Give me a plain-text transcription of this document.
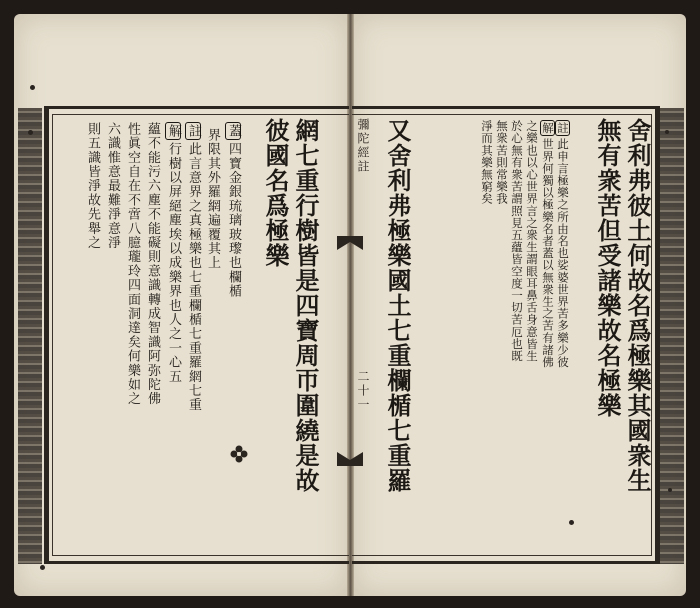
彌陀經註
二十一	舍利弗彼土何故名爲極樂其國衆生
無有衆苦但受諸樂故名極樂
註此申言極樂之所由名也娑婆世界苦多樂少彼
解世界何獨以極樂名者蓋以無衆生之苦有諸佛
之樂也以心世界言之衆生謂眼耳鼻舌身意皆生
於心無有衆苦謂照見五蘊皆空度一切苦厄也既
無衆苦則常樂我
淨而其樂無窮矣
又舍利弗極樂國土七重欄楯七重羅
網七重行樹皆是四寶周帀圍繞是故
彼國名爲極樂
蓋四寶金銀琉璃玻瓈也欄楯
界限其外羅網遍覆其上
註此言意界之真極樂也七重欄楯七重羅網七重
解行樹以屏絕塵埃以成樂界也人之一心五
蘊不能污六塵不能礙則意識轉成智識阿弥陀佛
性眞空自在不啻八臆瓏玲四面洞達矣何樂如之
六識惟意最難淨意淨
則五識皆淨故先舉之
